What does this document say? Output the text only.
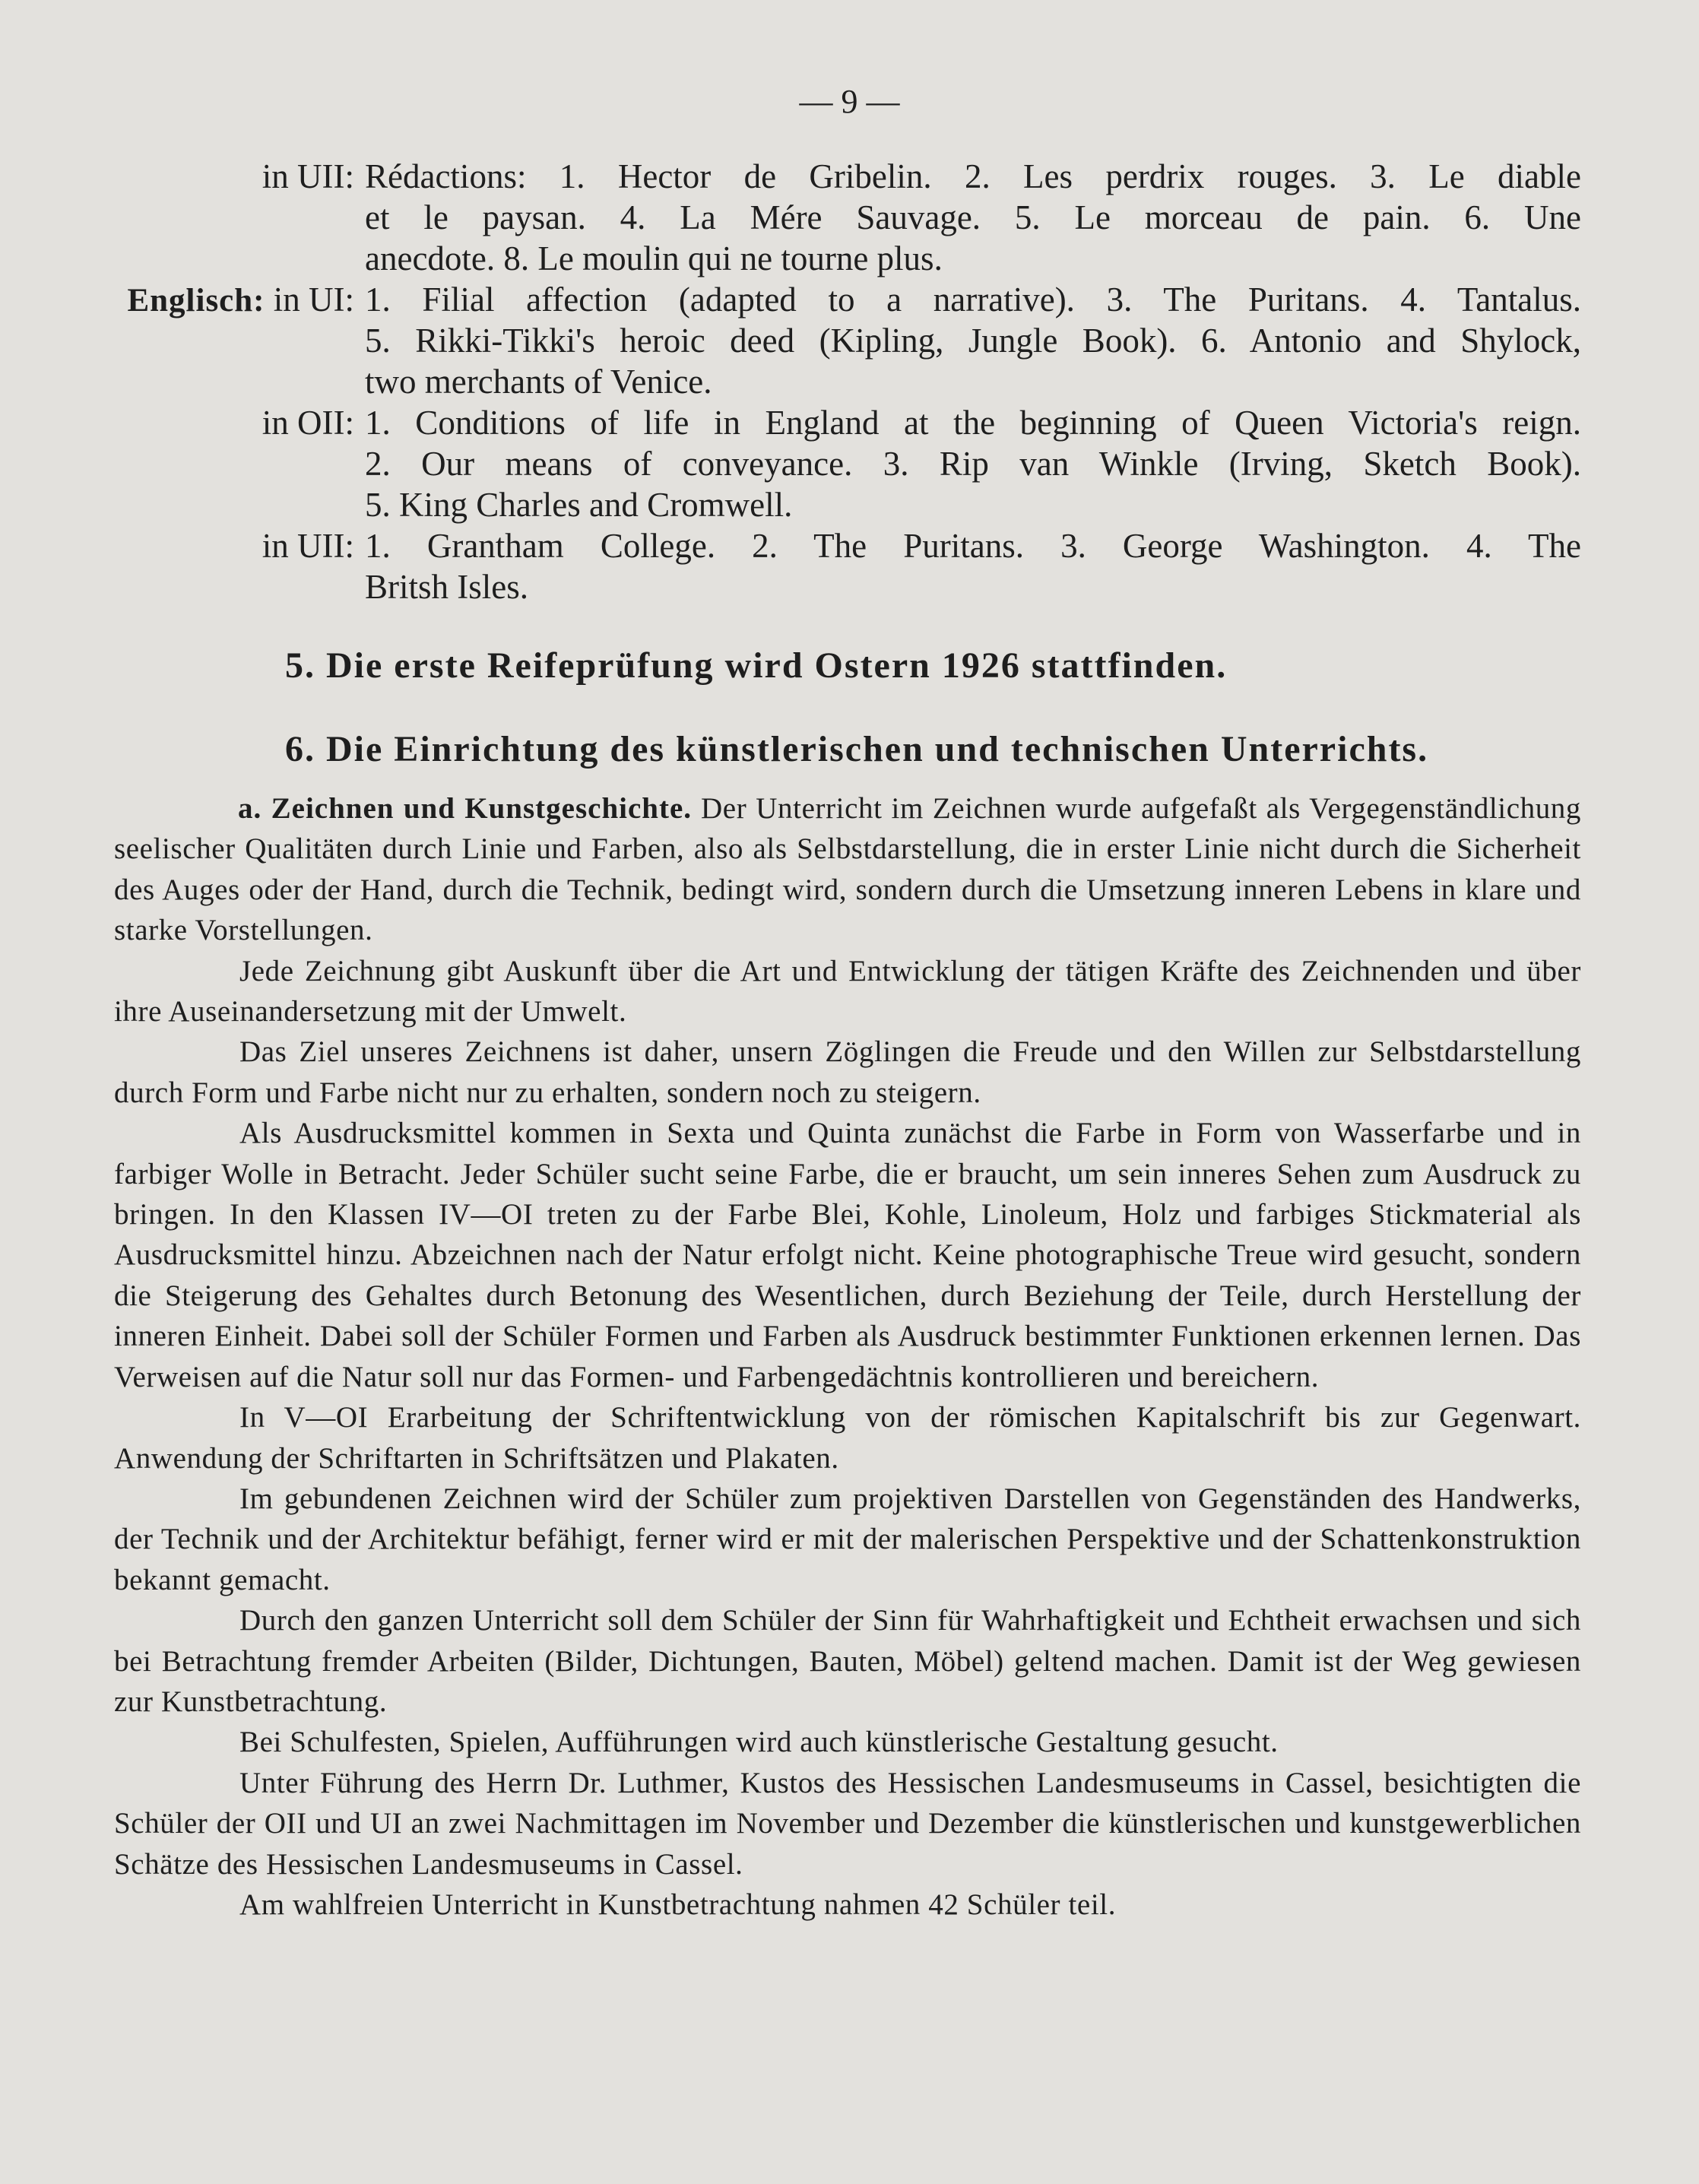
— 9 —
in UII: Rédactions: 1. Hector de Gribelin. 2. Les perdrix rouges. 3. Le diable
et le paysan. 4. La Mére Sauvage. 5. Le morceau de pain. 6. Une
anecdote. 8. Le moulin qui ne tourne plus.
Englisch: in UI: 1. Filial affection (adapted to a narrative). 3. The Puritans. 4. Tantalus.
5. Rikki-Tikki's heroic deed (Kipling, Jungle Book). 6. Antonio and Shylock,
two merchants of Venice.
in OII: 1. Conditions of life in England at the beginning of Queen Victoria's reign.
2. Our means of conveyance. 3. Rip van Winkle (Irving, Sketch Book).
5. King Charles and Cromwell.
in UII: 1. Grantham College. 2. The Puritans. 3. George Washington. 4. The
Britsh Isles.
5. Die erste Reifeprüfung wird Ostern 1926 stattfinden.
6. Die Einrichtung des künstlerischen und technischen Unterrichts.

a. Zeichnen und Kunstgeschichte. Der Unterricht im Zeichnen wurde aufgefaßt als Vergegenständlichung seelischer Qualitäten durch Linie und Farben, also als Selbstdarstellung, die in erster Linie nicht durch die Sicherheit des Auges oder der Hand, durch die Technik, bedingt wird, sondern durch die Umsetzung inneren Lebens in klare und starke Vorstellungen.

Jede Zeichnung gibt Auskunft über die Art und Entwicklung der tätigen Kräfte des Zeichnenden und über ihre Auseinandersetzung mit der Umwelt.

Das Ziel unseres Zeichnens ist daher, unsern Zöglingen die Freude und den Willen zur Selbstdarstellung durch Form und Farbe nicht nur zu erhalten, sondern noch zu steigern.

Als Ausdrucksmittel kommen in Sexta und Quinta zunächst die Farbe in Form von Wasserfarbe und in farbiger Wolle in Betracht. Jeder Schüler sucht seine Farbe, die er braucht, um sein inneres Sehen zum Ausdruck zu bringen. In den Klassen IV—OI treten zu der Farbe Blei, Kohle, Linoleum, Holz und farbiges Stickmaterial als Ausdrucksmittel hinzu. Abzeichnen nach der Natur erfolgt nicht. Keine photographische Treue wird gesucht, sondern die Steigerung des Gehaltes durch Betonung des Wesentlichen, durch Beziehung der Teile, durch Herstellung der inneren Einheit. Dabei soll der Schüler Formen und Farben als Ausdruck bestimmter Funktionen erkennen lernen. Das Verweisen auf die Natur soll nur das Formen- und Farbengedächtnis kontrollieren und bereichern.

In V—OI Erarbeitung der Schriftentwicklung von der römischen Kapitalschrift bis zur Gegenwart. Anwendung der Schriftarten in Schriftsätzen und Plakaten.

Im gebundenen Zeichnen wird der Schüler zum projektiven Darstellen von Gegenständen des Handwerks, der Technik und der Architektur befähigt, ferner wird er mit der malerischen Perspektive und der Schattenkonstruktion bekannt gemacht.

Durch den ganzen Unterricht soll dem Schüler der Sinn für Wahrhaftigkeit und Echtheit erwachsen und sich bei Betrachtung fremder Arbeiten (Bilder, Dichtungen, Bauten, Möbel) geltend machen. Damit ist der Weg gewiesen zur Kunstbetrachtung.

Bei Schulfesten, Spielen, Aufführungen wird auch künstlerische Gestaltung gesucht.

Unter Führung des Herrn Dr. Luthmer, Kustos des Hessischen Landesmuseums in Cassel, besichtigten die Schüler der OII und UI an zwei Nachmittagen im November und Dezember die künstlerischen und kunstgewerblichen Schätze des Hessischen Landesmuseums in Cassel.

Am wahlfreien Unterricht in Kunstbetrachtung nahmen 42 Schüler teil.
